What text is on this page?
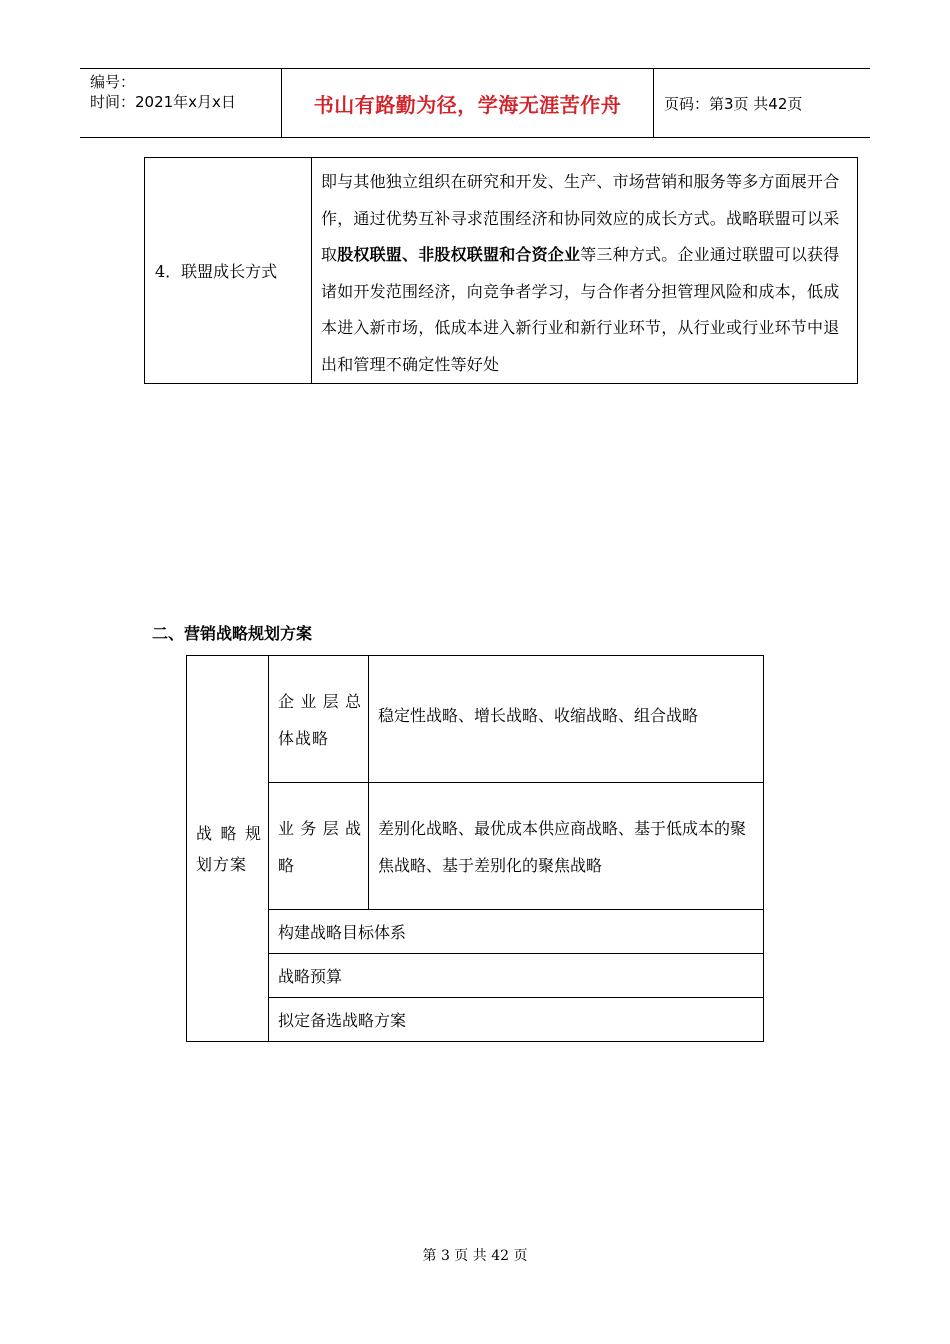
编号：
时间：2021年x月x日	书山有路勤为径，学海无涯苦作舟	页码：第3页 共42页
4．联盟成长方式

即与其他独立组织在研究和开发、生产、市场营销和服务等多方面展开合作，通过优势互补寻求范围经济和协同效应的成长方式。战略联盟可以采取股权联盟、非股权联盟和合资企业等三种方式。企业通过联盟可以获得诸如开发范围经济，向竞争者学习，与合作者分担管理风险和成本，低成本进入新市场，低成本进入新行业和新行业环节，从行业或行业环节中退出和管理不确定性等好处

二、营销战略规划方案
战略规划方案
企业层总体战略
稳定性战略、增长战略、收缩战略、组合战略
业务层战略
差别化战略、最优成本供应商战略、基于低成本的聚焦战略、基于差别化的聚焦战略
构建战略目标体系
战略预算
拟定备选战略方案
第 3 页 共 42 页
